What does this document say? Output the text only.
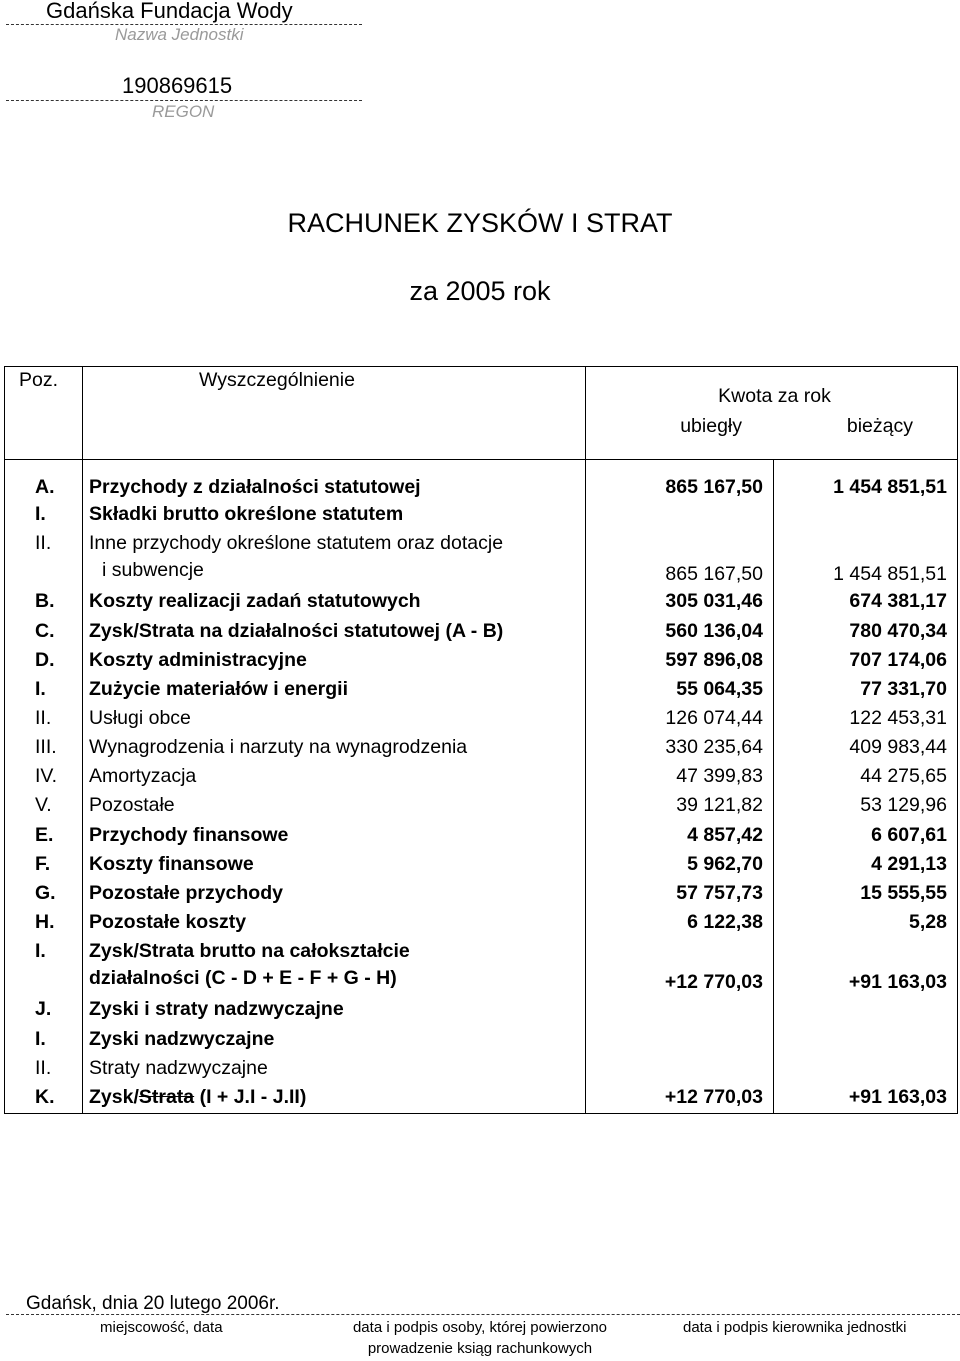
Gdańska Fundacja Wody
Nazwa Jednostki
190869615
REGON
RACHUNEK ZYSKÓW I STRAT
za 2005 rok
Poz.	Wyszczególnienie	Kwota za rok
ubiegły bieżący	

A.	Przychody z działalności statutowej	865 167,50	1 454 851,51
I.	Składki brutto określone statutem		

II.	Inne przychody określone statutem oraz dotacje
i subwencje	865 167,50	1 454 851,51
B.	Koszty realizacji zadań statutowych	305 031,46	674 381,17
C.	Zysk/Strata na działalności statutowej (A - B)	560 136,04	780 470,34
D.	Koszty administracyjne	597 896,08	707 174,06
I.	Zużycie materiałów i energii	55 064,35	77 331,70
II.	Usługi obce	126 074,44	122 453,31
III.	Wynagrodzenia i narzuty na wynagrodzenia	330 235,64	409 983,44
IV.	Amortyzacja	47 399,83	44 275,65
V.	Pozostałe	39 121,82	53 129,96
E.	Przychody finansowe	4 857,42	6 607,61
F.	Koszty finansowe	5 962,70	4 291,13
G.	Pozostałe przychody	57 757,73	15 555,55
H.	Pozostałe koszty	6 122,38	5,28
I.	Zysk/Strata brutto na całokształcie
działalności (C - D + E - F + G - H)	+12 770,03	+91 163,03
J.	Zyski i straty nadzwyczajne		

I.	Zyski nadzwyczajne		

II.	Straty nadzwyczajne		

K.	Zysk/Strata (I + J.I - J.II)	+12 770,03	+91 163,03

Gdańsk, dnia 20 lutego 2006r.
miejscowość, data	data i podpis osoby, której powierzono
prowadzenie ksiąg rachunkowych
data i podpis kierownika jednostki
